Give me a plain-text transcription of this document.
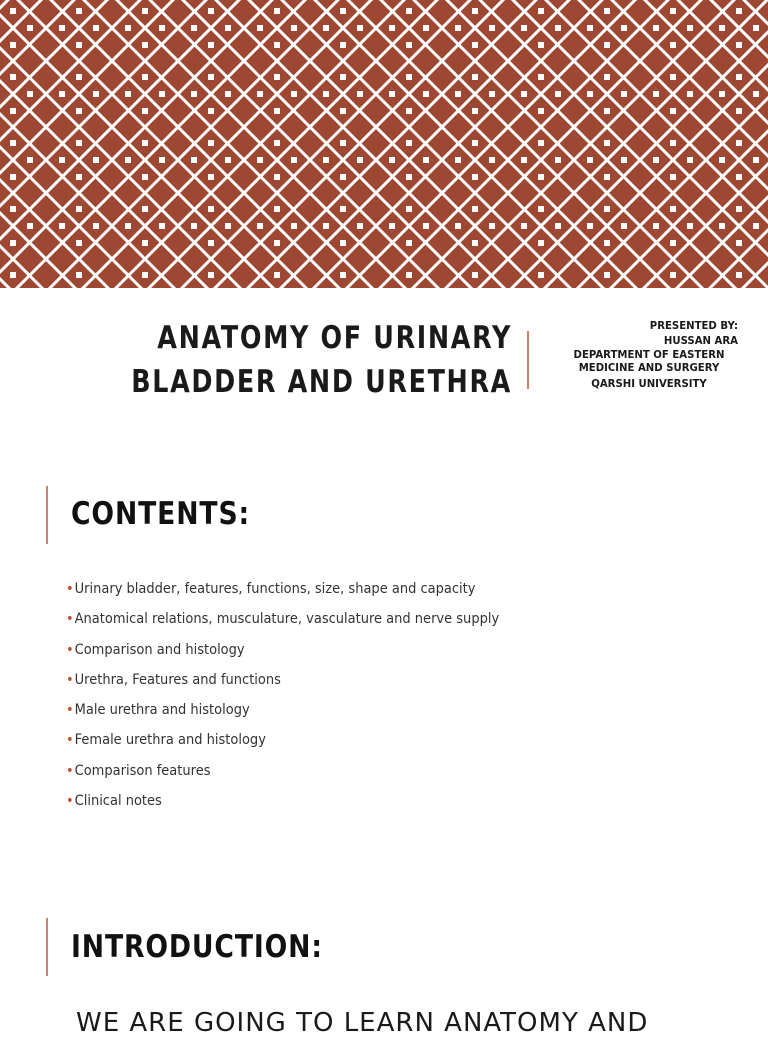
ANATOMY OF URINARY
BLADDER AND URETHRA
PRESENTED BY:
HUSSAN ARA
DEPARTMENT OF EASTERN
MEDICINE AND SURGERY
QARSHI UNIVERSITY
CONTENTS:
•Urinary bladder, features, functions, size, shape and capacity
•Anatomical relations, musculature, vasculature and nerve supply
•Comparison and histology
•Urethra, Features and functions
•Male urethra and histology
•Female urethra and histology
•Comparison features
•Clinical notes
INTRODUCTION:
WE ARE GOING TO LEARN ANATOMY AND
